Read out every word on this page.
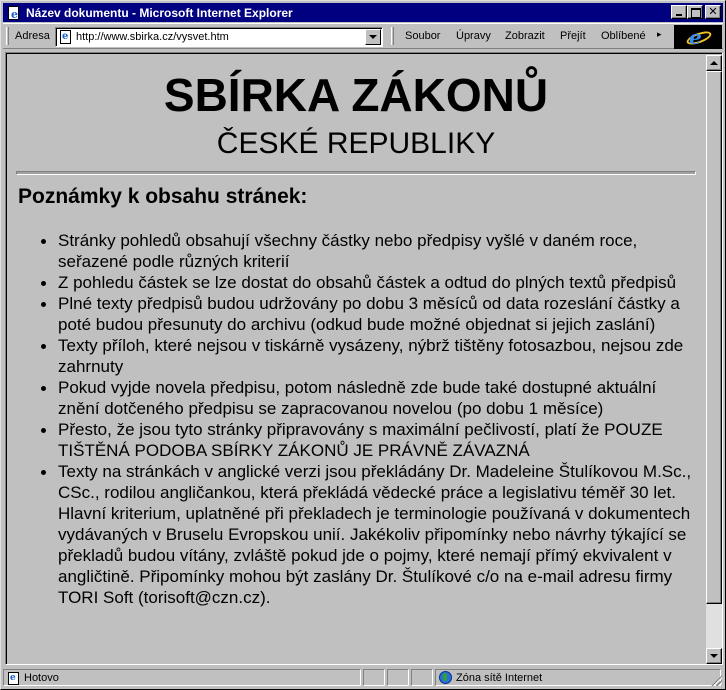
e Název dokumentu - Microsoft Internet Explorer	✕
Adresa e http://www.sbirka.cz/vysvet.htm	Soubor Úpravy Zobrazit Přejít Oblíbené ▸ e
SBÍRKA ZÁKONŮ
ČESKÉ REPUBLIKY
Poznámky k obsahu stránek:
Stránky pohledů obsahují všechny částky nebo předpisy vyšlé v daném roce, seřazené podle různých kriterií
Z pohledu částek se lze dostat do obsahů částek a odtud do plných textů předpisů
Plné texty předpisů budou udržovány po dobu 3 měsíců od data rozeslání částky a poté budou přesunuty do archivu (odkud bude možné objednat si jejich zaslání)
Texty příloh, které nejsou v tiskárně vysázeny, nýbrž tištěny fotosazbou, nejsou zde zahrnuty
Pokud vyjde novela předpisu, potom následně zde bude také dostupné aktuální znění dotčeného předpisu se zapracovanou novelou (po dobu 1 měsíce)
Přesto, že jsou tyto stránky připravovány s maximální pečlivostí, platí že POUZE TIŠTĚNÁ PODOBA SBÍRKY ZÁKONŮ JE PRÁVNĚ ZÁVAZNÁ
Texty na stránkách v anglické verzi jsou překládány Dr. Madeleine Štulíkovou M.Sc., CSc., rodilou angličankou, která překládá vědecké práce a legislativu téměř 30 let. Hlavní kriterium, uplatněné při překladech je terminologie používaná v dokumentech vydávaných v Bruselu Evropskou unií. Jakékoliv připomínky nebo návrhy týkající se překladů budou vítány, zvláště pokud jde o pojmy, které nemají přímý ekvivalent v angličtině. Připomínky mohou být zaslány Dr. Štulíkové c/o na e-mail adresu firmy TORI Soft (torisoft@czn.cz).
e Hotovo	Zóna sítě Internet
